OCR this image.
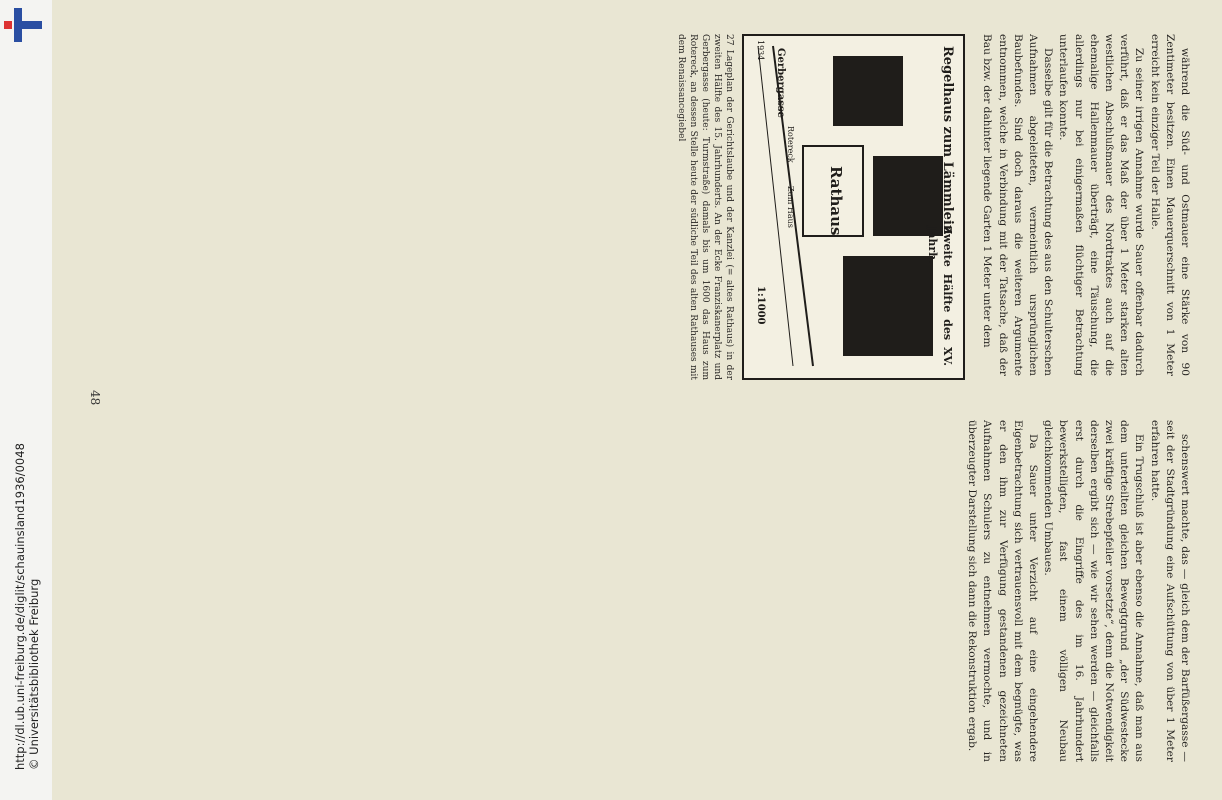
http://dl.ub.uni-freiburg.de/diglit/schauinsland1936/0048 © Universitätsbibliothek Freiburg

während die Süd- und Ostmauer eine Stärke von 90 Zentimeter besitzen. Einen Mauerquerschnitt von 1 Meter erreicht kein einziger Teil der Halle.

Zu seiner irrigen Annahme wurde Sauer offenbar dadurch verführt, daß er das Maß der über 1 Meter starken alten westlichen Abschlußmauer des Nordtraktes auch auf die ehemalige Hallenmauer überträgt, eine Täuschung, die allerdings nur bei einigermaßen flüchtiger Betrachtung unterlaufen konnte.

Dasselbe gilt für die Betrachtung des aus den Schulterschen Aufnahmen abgeleiteten, vermeintlich ursprünglichen Baubefundes. Sind doch daraus die weiteren Argumente entnommen, welche in Verbindung mit der Tatsache, daß der Bau bzw. der dahinter liegende Garten 1 Meter unter dem

Rathaus	Regelhaus zum Lämmlein
Zweite Hälfte des XV. Jahrh.
Gerbergasse
1:1000
Zum Haus
Rotereck
1934
27 Lageplan der Gerichtslaube und der Kanzlei (= altes Rathaus) in der zweiten Hälfte des 15. Jahrhunderts. An der Ecke Franziskanerplatz und Gerbergasse (heute: Turmstraße) damals bis um 1600 das Haus zum Rotereck, an dessen Stelle heute der südliche Teil des alten Rathauses mit dem Renaissancegiebel

schenswert machte, das — gleich dem der Barfüßergasse — seit der Stadtgründung eine Aufschüttung von über 1 Meter erfahren hatte.

Ein Trugschluß ist aber ebenso die Annahme, daß man aus dem unterteilten gleichen Bewegtgrund „der Südwestecke zwei kräftige Strebepfeiler vorsetzte“, denn die Notwendigkeit derselben ergibt sich — wie wir sehen werden — gleichfalls erst durch die Eingriffe des im 16. Jahrhundert bewerkstelligten, fast einem völligen Neubau gleichkommenden Umbaues.

Da Sauer unter Verzicht auf eine eingehendere Eigenbetrachtung sich vertrauensvoll mit dem begnügte, was er den ihm zur Verfügung gestandenen gezeichneten Aufnahmen Schulers zu entnehmen vermochte, und in überzeugter Darstellung sich dann die Rekonstruktion ergab.

48
